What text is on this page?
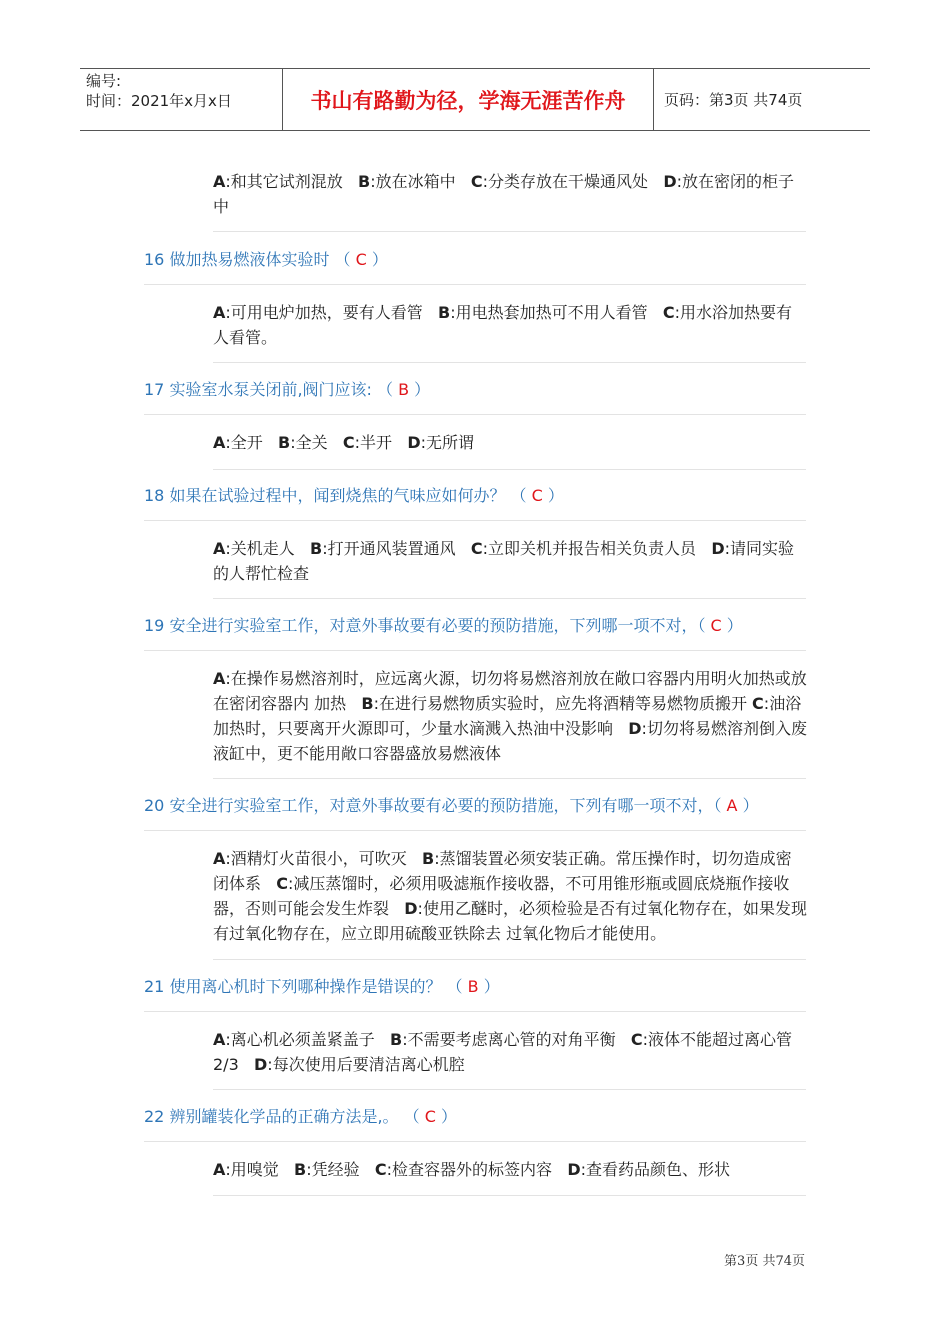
编号:
时间：2021年x月x日	书山有路勤为径，学海无涯苦作舟	页码：第3页 共74页
A:和其它试剂混放   B:放在冰箱中   C:分类存放在干燥通风处   D:放在密闭的柜子中
16 做加热易燃液体实验时 （ C ）
A:可用电炉加热，要有人看管   B:用电热套加热可不用人看管   C:用水浴加热要有人看管。
17 实验室水泵关闭前,阀门应该: （ B ）
A:全开   B:全关   C:半开   D:无所谓
18 如果在试验过程中，闻到烧焦的气味应如何办？ （ C ）
A:关机走人   B:打开通风装置通风   C:立即关机并报告相关负责人员   D:请同实验的人帮忙检查
19 安全进行实验室工作，对意外事故要有必要的预防措施，下列哪一项不对，（ C ）
A:在操作易燃溶剂时，应远离火源，切勿将易燃溶剂放在敞口容器内用明火加热或放在密闭容器内 加热   B:在进行易燃物质实验时，应先将酒精等易燃物质搬开 C:油浴加热时，只要离开火源即可，少量水滴溅入热油中没影响   D:切勿将易燃溶剂倒入废液缸中，更不能用敞口容器盛放易燃液体
20 安全进行实验室工作，对意外事故要有必要的预防措施，下列有哪一项不对，（ A ）
A:酒精灯火苗很小，可吹灭   B:蒸馏装置必须安装正确。常压操作时，切勿造成密闭体系   C:减压蒸馏时，必须用吸滤瓶作接收器，不可用锥形瓶或圆底烧瓶作接收器，否则可能会发生炸裂   D:使用乙醚时，必须检验是否有过氧化物存在，如果发现有过氧化物存在，应立即用硫酸亚铁除去 过氧化物后才能使用。
21 使用离心机时下列哪种操作是错误的？ （ B ）
A:离心机必须盖紧盖子   B:不需要考虑离心管的对角平衡   C:液体不能超过离心管 2/3   D:每次使用后要清洁离心机腔
22 辨别罐装化学品的正确方法是,。 （ C ）
A:用嗅觉   B:凭经验   C:检查容器外的标签内容   D:查看药品颜色、形状
第3页 共74页
